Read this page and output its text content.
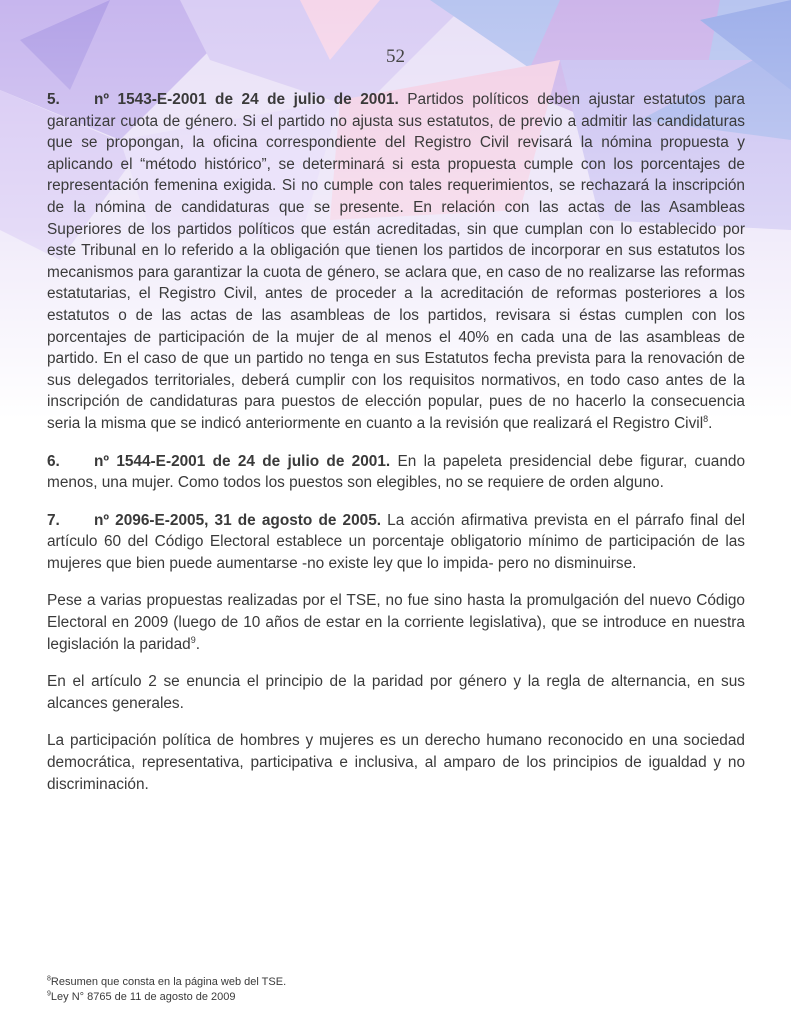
52
5. nº 1543-E-2001 de 24 de julio de 2001. Partidos políticos deben ajustar estatutos para garantizar cuota de género. Si el partido no ajusta sus estatutos, de previo a admitir las candidaturas que se propongan, la oficina correspondiente del Registro Civil revisará la nómina propuesta y aplicando el “método histórico”, se determinará si esta propuesta cumple con los porcentajes de representación femenina exigida. Si no cumple con tales requerimientos, se rechazará la inscripción de la nómina de candidaturas que se presente. En relación con las actas de las Asambleas Superiores de los partidos políticos que están acreditadas, sin que cumplan con lo establecido por este Tribunal en lo referido a la obligación que tienen los partidos de incorporar en sus estatutos los mecanismos para garantizar la cuota de género, se aclara que, en caso de no realizarse las reformas estatutarias, el Registro Civil, antes de proceder a la acreditación de reformas posteriores a los estatutos o de las actas de las asambleas de los partidos, revisara si éstas cumplen con los porcentajes de participación de la mujer de al menos el 40% en cada una de las asambleas de partido. En el caso de que un partido no tenga en sus Estatutos fecha prevista para la renovación de sus delegados territoriales, deberá cumplir con los requisitos normativos, en todo caso antes de la inscripción de candidaturas para puestos de elección popular, pues de no hacerlo la consecuencia seria la misma que se indicó anteriormente en cuanto a la revisión que realizará el Registro Civil$^8$.
6. nº 1544-E-2001 de 24 de julio de 2001. En la papeleta presidencial debe figurar, cuando menos, una mujer. Como todos los puestos son elegibles, no se requiere de orden alguno.
7. nº 2096-E-2005, 31 de agosto de 2005. La acción afirmativa prevista en el párrafo final del artículo 60 del Código Electoral establece un porcentaje obligatorio mínimo de participación de las mujeres que bien puede aumentarse -no existe ley que lo impida- pero no disminuirse.

Pese a varias propuestas realizadas por el TSE, no fue sino hasta la promulgación del nuevo Código Electoral en 2009 (luego de 10 años de estar en la corriente legislativa), que se introduce en nuestra legislación la paridad$^9$.

En el artículo 2 se enuncia el principio de la paridad por género y la regla de alternancia, en sus alcances generales.

La participación política de hombres y mujeres es un derecho humano reconocido en una sociedad democrática, representativa, participativa e inclusiva, al amparo de los principios de igualdad y no discriminación.

$^8$Resumen que consta en la página web del TSE.
$^9$Ley N° 8765 de 11 de agosto de 2009
